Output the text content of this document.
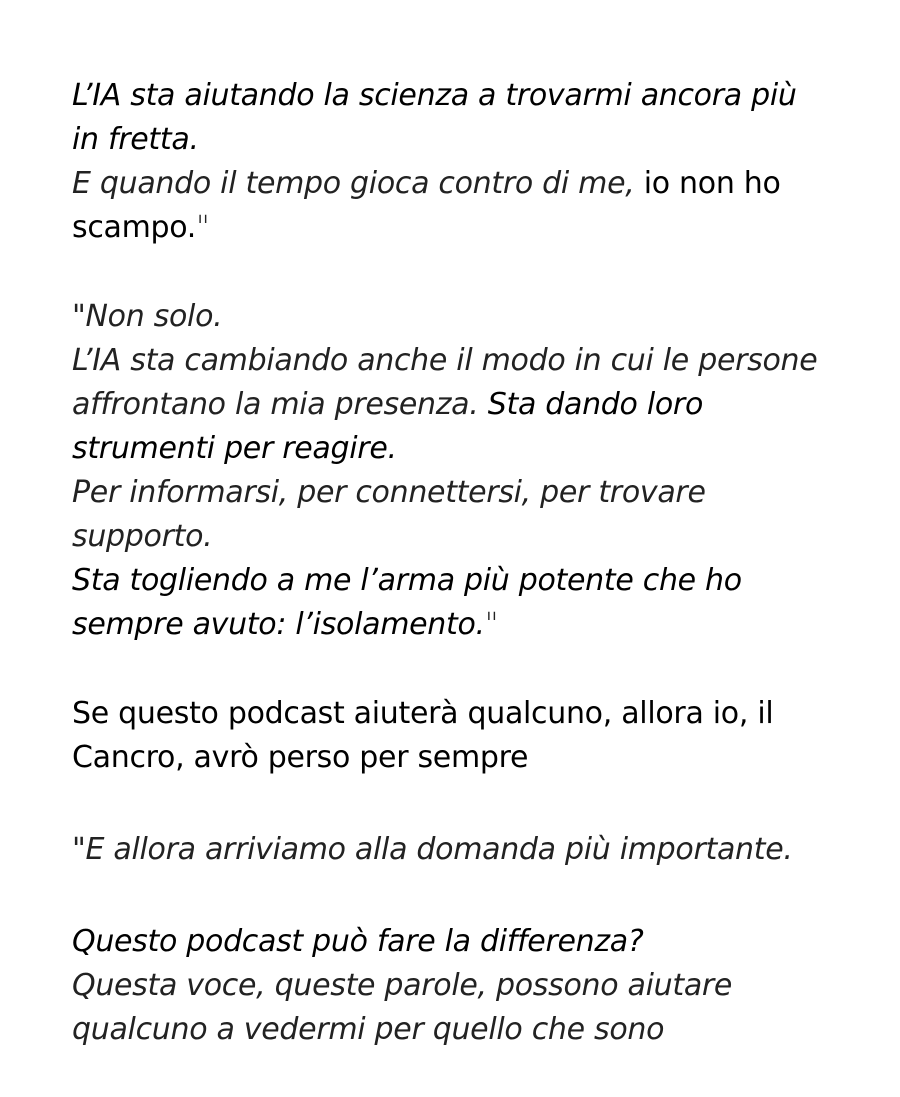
L’IA sta aiutando la scienza a trovarmi ancora più
in fretta.
E quando il tempo gioca contro di me, io non ho
scampo."
"Non solo.
L’IA sta cambiando anche il modo in cui le persone
affrontano la mia presenza. Sta dando loro
strumenti per reagire.
Per informarsi, per connettersi, per trovare
supporto.
Sta togliendo a me l’arma più potente che ho
sempre avuto: l’isolamento."
Se questo podcast aiuterà qualcuno, allora io, il
Cancro, avrò perso per sempre
"E allora arriviamo alla domanda più importante.
Questo podcast può fare la differenza?
Questa voce, queste parole, possono aiutare
qualcuno a vedermi per quello che sono
